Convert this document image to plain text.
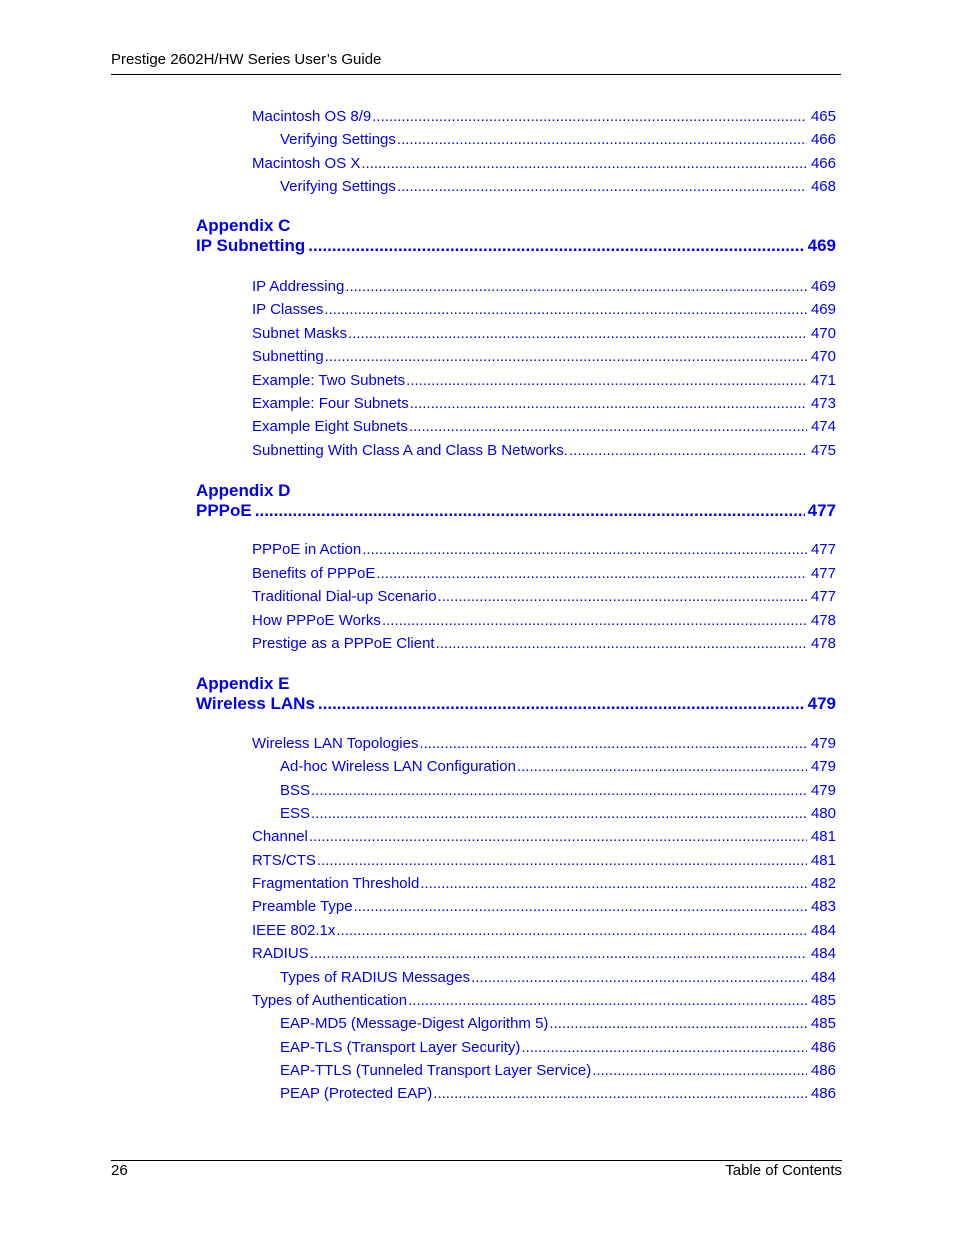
Prestige 2602H/HW Series User’s Guide
Macintosh OS 8/9 .....	465
Verifying Settings .....	466
Macintosh OS X .....	466
Verifying Settings .....	468
Appendix C
IP Subnetting .....	469
IP Addressing .....	469
IP Classes .....	469
Subnet Masks .....	470
Subnetting .....	470
Example: Two Subnets .....	471
Example: Four Subnets .....	473
Example Eight Subnets .....	474
Subnetting With Class A and Class B Networks. .....	475
Appendix D
PPPoE .....	477
PPPoE in Action .....	477
Benefits of PPPoE .....	477
Traditional Dial-up Scenario .....	477
How PPPoE Works .....	478
Prestige as a PPPoE Client .....	478
Appendix E
Wireless LANs .....	479
Wireless LAN Topologies .....	479
Ad-hoc Wireless LAN Configuration .....	479
BSS .....	479
ESS .....	480
Channel .....	481
RTS/CTS .....	481
Fragmentation Threshold .....	482
Preamble Type .....	483
IEEE 802.1x .....	484
RADIUS .....	484
Types of RADIUS Messages .....	484
Types of Authentication .....	485
EAP-MD5 (Message-Digest Algorithm 5) .....	485
EAP-TLS (Transport Layer Security) .....	486
EAP-TTLS (Tunneled Transport Layer Service) .....	486
PEAP (Protected EAP) .....	486
26	Table of Contents
